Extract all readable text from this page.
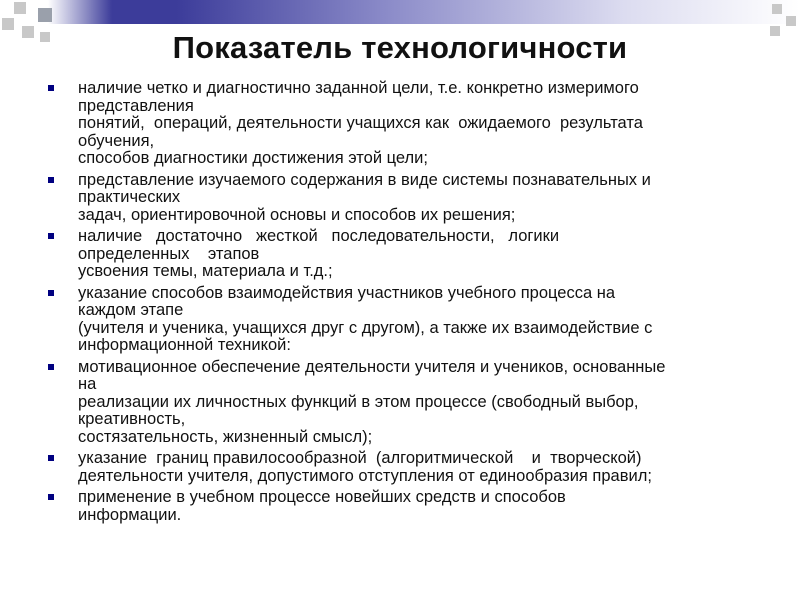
Показатель технологичности
наличие четко и диагностично заданной цели, т.е. конкретно измеримого
представления
понятий,  операций, деятельности учащихся как  ожидаемого  результата
обучения,
способов диагностики достижения этой цели;
представление изучаемого содержания в виде системы познавательных и
практических
задач, ориентировочной основы и способов их решения;
наличие   достаточно   жесткой   последовательности,   логики
определенных    этапов
усвоения темы, материала и т.д.;
указание способов взаимодействия участников учебного процесса на
каждом этапе
(учителя и ученика, учащихся друг с другом), а также их взаимодействие с
информационной техникой:
мотивационное обеспечение деятельности учителя и учеников, основанные
на
реализации их личностных функций в этом процессе (свободный выбор,
креативность,
состязательность, жизненный смысл);
указание  границ правилосообразной  (алгоритмической    и  творческой)
деятельности учителя, допустимого отступления от единообразия правил;
применение в учебном процессе новейших средств и способов
информации.
